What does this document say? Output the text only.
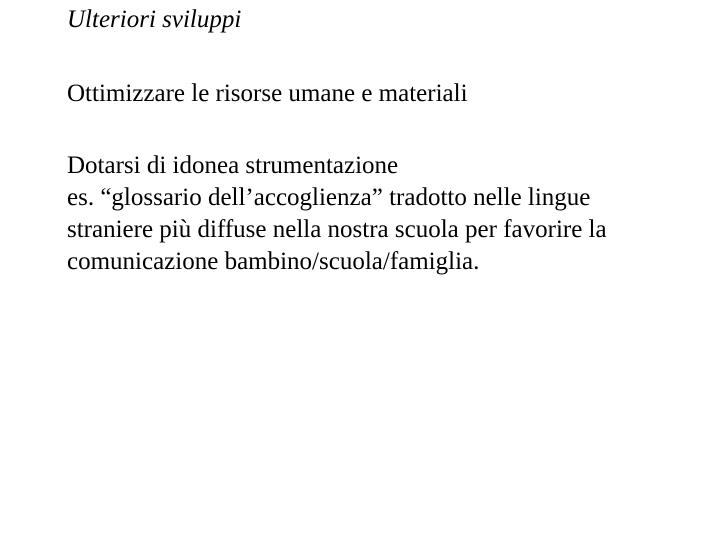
Ulteriori sviluppi
Ottimizzare le risorse umane e materiali
Dotarsi di idonea strumentazione
es. “glossario dell’accoglienza” tradotto nelle lingue
straniere più diffuse nella nostra scuola per favorire la
comunicazione bambino/scuola/famiglia.
